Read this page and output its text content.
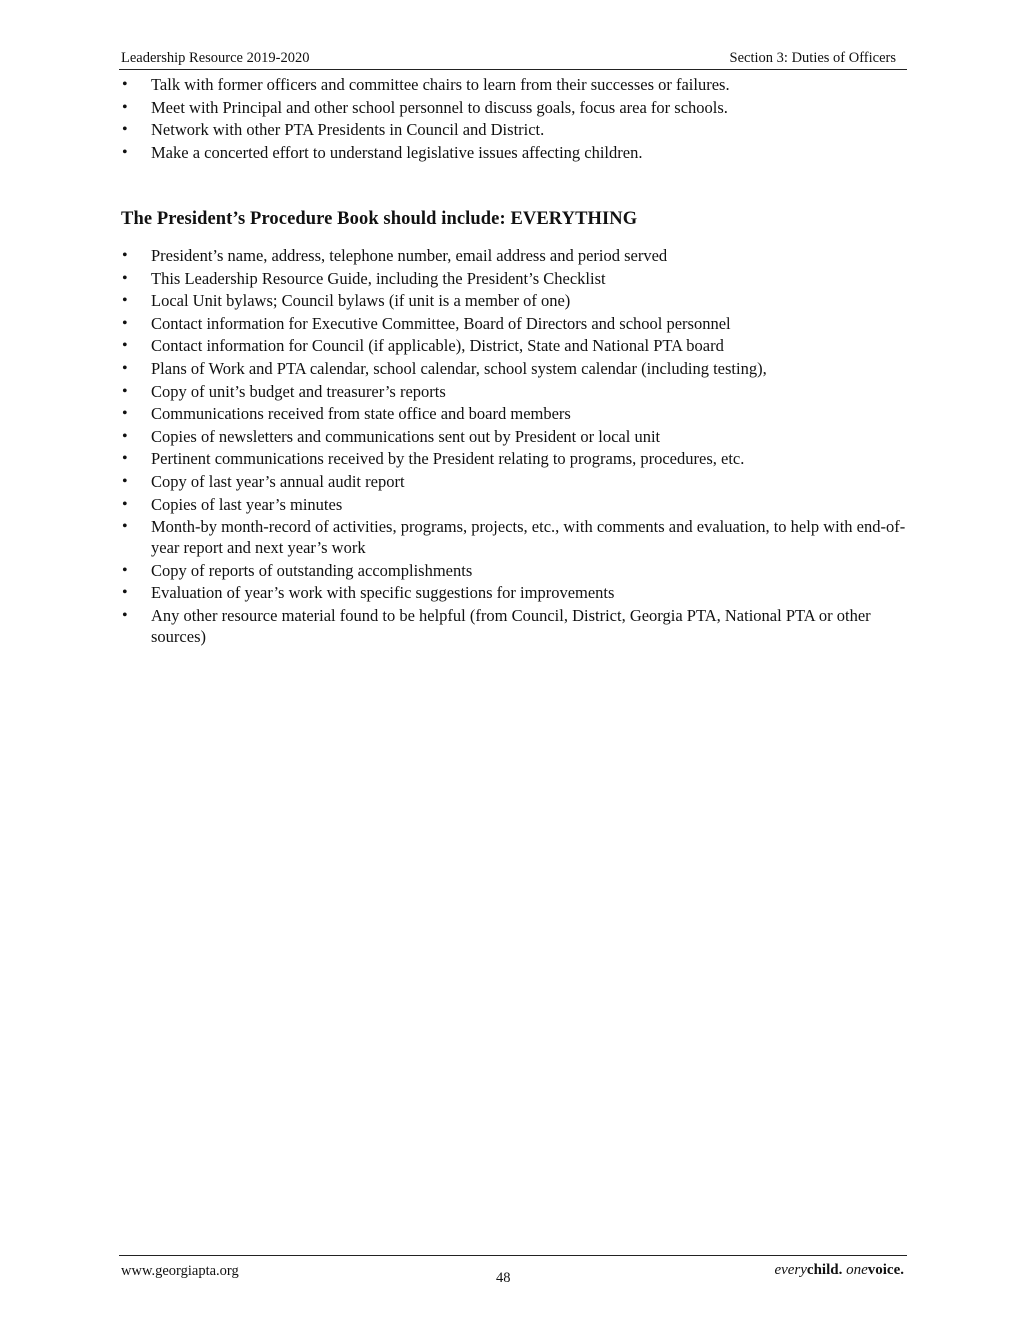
Leadership Resource 2019-2020	Section 3: Duties of Officers
• Talk with former officers and committee chairs to learn from their successes or failures.
• Meet with Principal and other school personnel to discuss goals, focus area for schools.
• Network with other PTA Presidents in Council and District.
• Make a concerted effort to understand legislative issues affecting children.
The President’s Procedure Book should include: EVERYTHING
• President’s name, address, telephone number, email address and period served
• This Leadership Resource Guide, including the President’s Checklist
• Local Unit bylaws; Council bylaws (if unit is a member of one)
• Contact information for Executive Committee, Board of Directors and school personnel
• Contact information for Council (if applicable), District, State and National PTA board
• Plans of Work and PTA calendar, school calendar, school system calendar (including testing),
• Copy of unit’s budget and treasurer’s reports
• Communications received from state office and board members
• Copies of newsletters and communications sent out by President or local unit
• Pertinent communications received by the President relating to programs, procedures, etc.
• Copy of last year’s annual audit report
• Copies of last year’s minutes
• Month-by month-record of activities, programs, projects, etc., with comments and evaluation, to help with end-of-year report and next year’s work
• Copy of reports of outstanding accomplishments
• Evaluation of year’s work with specific suggestions for improvements
• Any other resource material found to be helpful (from Council, District, Georgia PTA, National PTA or other sources)
www.georgiapta.org	48	everychild. onevoice.
